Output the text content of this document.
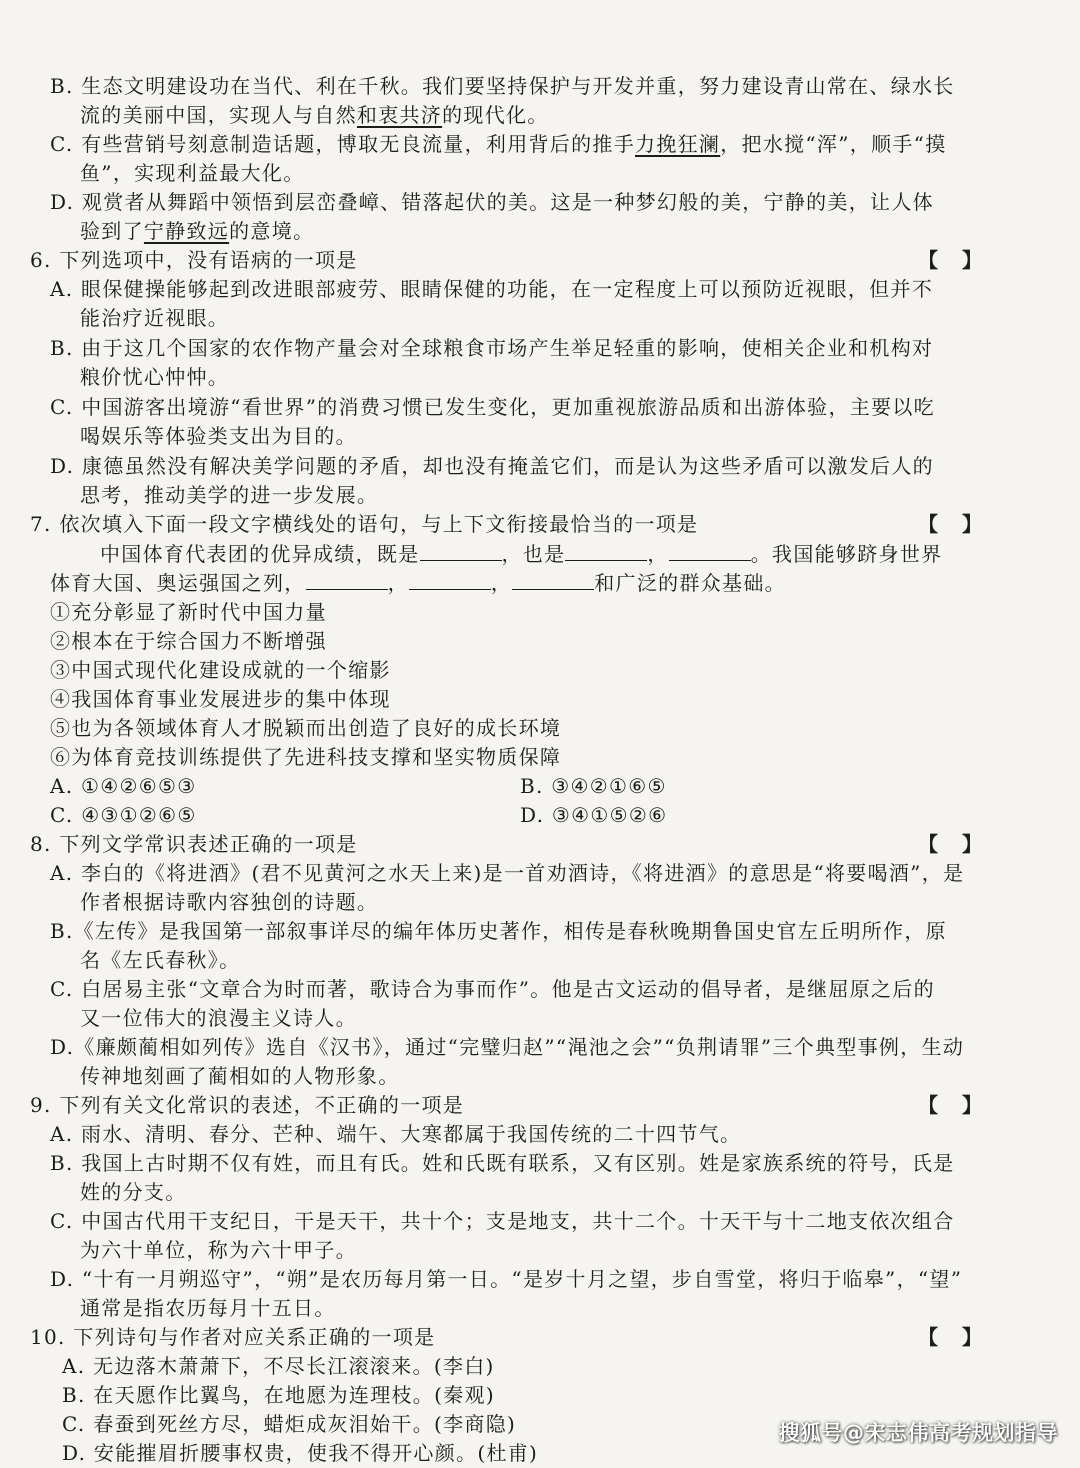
B. 生态文明建设功在当代、利在千秋。我们要坚持保护与开发并重，努力建设青山常在、绿水长
流的美丽中国，实现人与自然和衷共济的现代化。
C. 有些营销号刻意制造话题，博取无良流量，利用背后的推手力挽狂澜，把水搅“浑”，顺手“摸
鱼”，实现利益最大化。
D. 观赏者从舞蹈中领悟到层峦叠嶂、错落起伏的美。这是一种梦幻般的美，宁静的美，让人体
验到了宁静致远的意境。
6. 下列选项中，没有语病的一项是	【　】
A. 眼保健操能够起到改进眼部疲劳、眼睛保健的功能，在一定程度上可以预防近视眼，但并不
能治疗近视眼。
B. 由于这几个国家的农作物产量会对全球粮食市场产生举足轻重的影响，使相关企业和机构对
粮价忧心忡忡。
C. 中国游客出境游“看世界”的消费习惯已发生变化，更加重视旅游品质和出游体验，主要以吃
喝娱乐等体验类支出为目的。
D. 康德虽然没有解决美学问题的矛盾，却也没有掩盖它们，而是认为这些矛盾可以激发后人的
思考，推动美学的进一步发展。
7. 依次填入下面一段文字横线处的语句，与上下文衔接最恰当的一项是	【　】
中国体育代表团的优异成绩，既是	，也是	，	。我国能够跻身世界
体育大国、奥运强国之列，	，	，	和广泛的群众基础。
①充分彰显了新时代中国力量
②根本在于综合国力不断增强
③中国式现代化建设成就的一个缩影
④我国体育事业发展进步的集中体现
⑤也为各领域体育人才脱颖而出创造了良好的成长环境
⑥为体育竞技训练提供了先进科技支撑和坚实物质保障
A. ①④②⑥⑤③	B. ③④②①⑥⑤
C. ④③①②⑥⑤	D. ③④①⑤②⑥
8. 下列文学常识表述正确的一项是	【　】
A. 李白的《将进酒》(君不见黄河之水天上来)是一首劝酒诗，《将进酒》的意思是“将要喝酒”，是
作者根据诗歌内容独创的诗题。
B.《左传》是我国第一部叙事详尽的编年体历史著作，相传是春秋晚期鲁国史官左丘明所作，原
名《左氏春秋》。
C. 白居易主张“文章合为时而著，歌诗合为事而作”。他是古文运动的倡导者，是继屈原之后的
又一位伟大的浪漫主义诗人。
D.《廉颇蔺相如列传》选自《汉书》，通过“完璧归赵”“渑池之会”“负荆请罪”三个典型事例，生动
传神地刻画了蔺相如的人物形象。
9. 下列有关文化常识的表述，不正确的一项是	【　】
A. 雨水、清明、春分、芒种、端午、大寒都属于我国传统的二十四节气。
B. 我国上古时期不仅有姓，而且有氏。姓和氏既有联系，又有区别。姓是家族系统的符号，氏是
姓的分支。
C. 中国古代用干支纪日，干是天干，共十个；支是地支，共十二个。十天干与十二地支依次组合
为六十单位，称为六十甲子。
D. “十有一月朔巡守”，“朔”是农历每月第一日。“是岁十月之望，步自雪堂，将归于临皋”，“望”
通常是指农历每月十五日。
10. 下列诗句与作者对应关系正确的一项是	【　】
A. 无边落木萧萧下，不尽长江滚滚来。(李白)
B. 在天愿作比翼鸟，在地愿为连理枝。(秦观)
C. 春蚕到死丝方尽，蜡炬成灰泪始干。(李商隐)
D. 安能摧眉折腰事权贵，使我不得开心颜。(杜甫)
搜狐号@宋志伟高考规划指导
